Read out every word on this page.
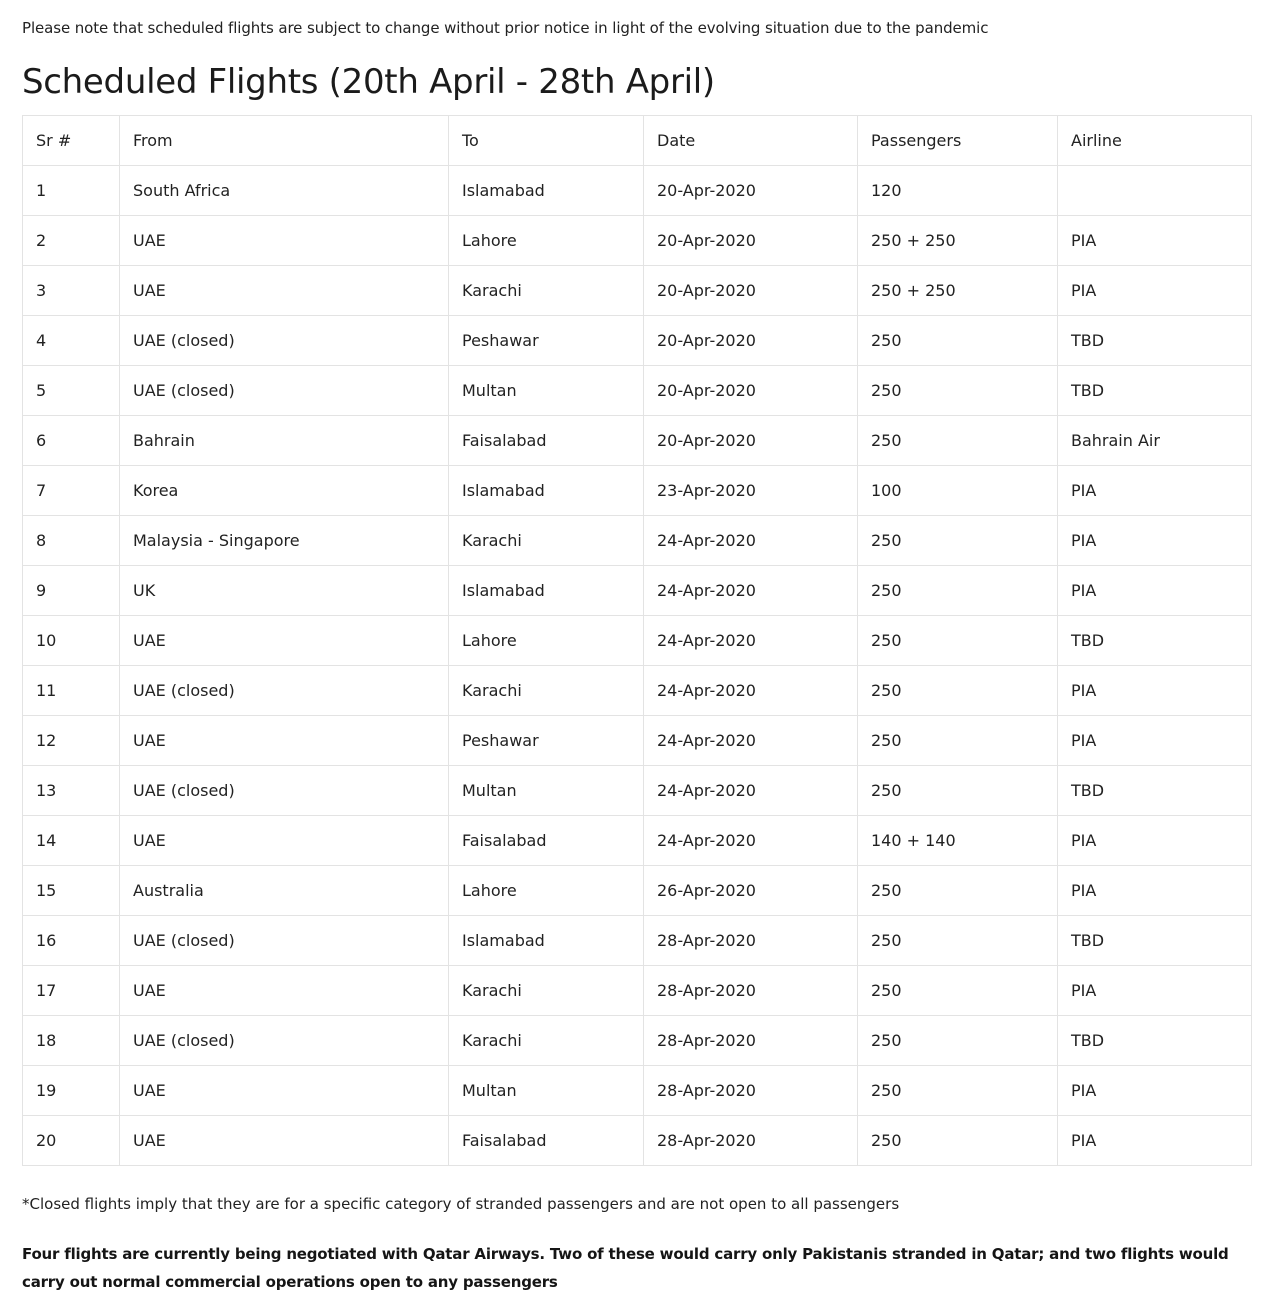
Please note that scheduled flights are subject to change without prior notice in light of the evolving situation due to the pandemic
Scheduled Flights (20th April - 28th April)
Sr #	From	To	Date	Passengers	Airline
1	South Africa	Islamabad	20-Apr-2020	120	
2	UAE	Lahore	20-Apr-2020	250 + 250	PIA
3	UAE	Karachi	20-Apr-2020	250 + 250	PIA
4	UAE (closed)	Peshawar	20-Apr-2020	250	TBD
5	UAE (closed)	Multan	20-Apr-2020	250	TBD
6	Bahrain	Faisalabad	20-Apr-2020	250	Bahrain Air
7	Korea	Islamabad	23-Apr-2020	100	PIA
8	Malaysia - Singapore	Karachi	24-Apr-2020	250	PIA
9	UK	Islamabad	24-Apr-2020	250	PIA
10	UAE	Lahore	24-Apr-2020	250	TBD
11	UAE (closed)	Karachi	24-Apr-2020	250	PIA
12	UAE	Peshawar	24-Apr-2020	250	PIA
13	UAE (closed)	Multan	24-Apr-2020	250	TBD
14	UAE	Faisalabad	24-Apr-2020	140 + 140	PIA
15	Australia	Lahore	26-Apr-2020	250	PIA
16	UAE (closed)	Islamabad	28-Apr-2020	250	TBD
17	UAE	Karachi	28-Apr-2020	250	PIA
18	UAE (closed)	Karachi	28-Apr-2020	250	TBD
19	UAE	Multan	28-Apr-2020	250	PIA
20	UAE	Faisalabad	28-Apr-2020	250	PIA
*Closed flights imply that they are for a specific category of stranded passengers and are not open to all passengers

Four flights are currently being negotiated with Qatar Airways. Two of these would carry only Pakistanis stranded in Qatar; and two flights would carry out normal commercial operations open to any passengers
